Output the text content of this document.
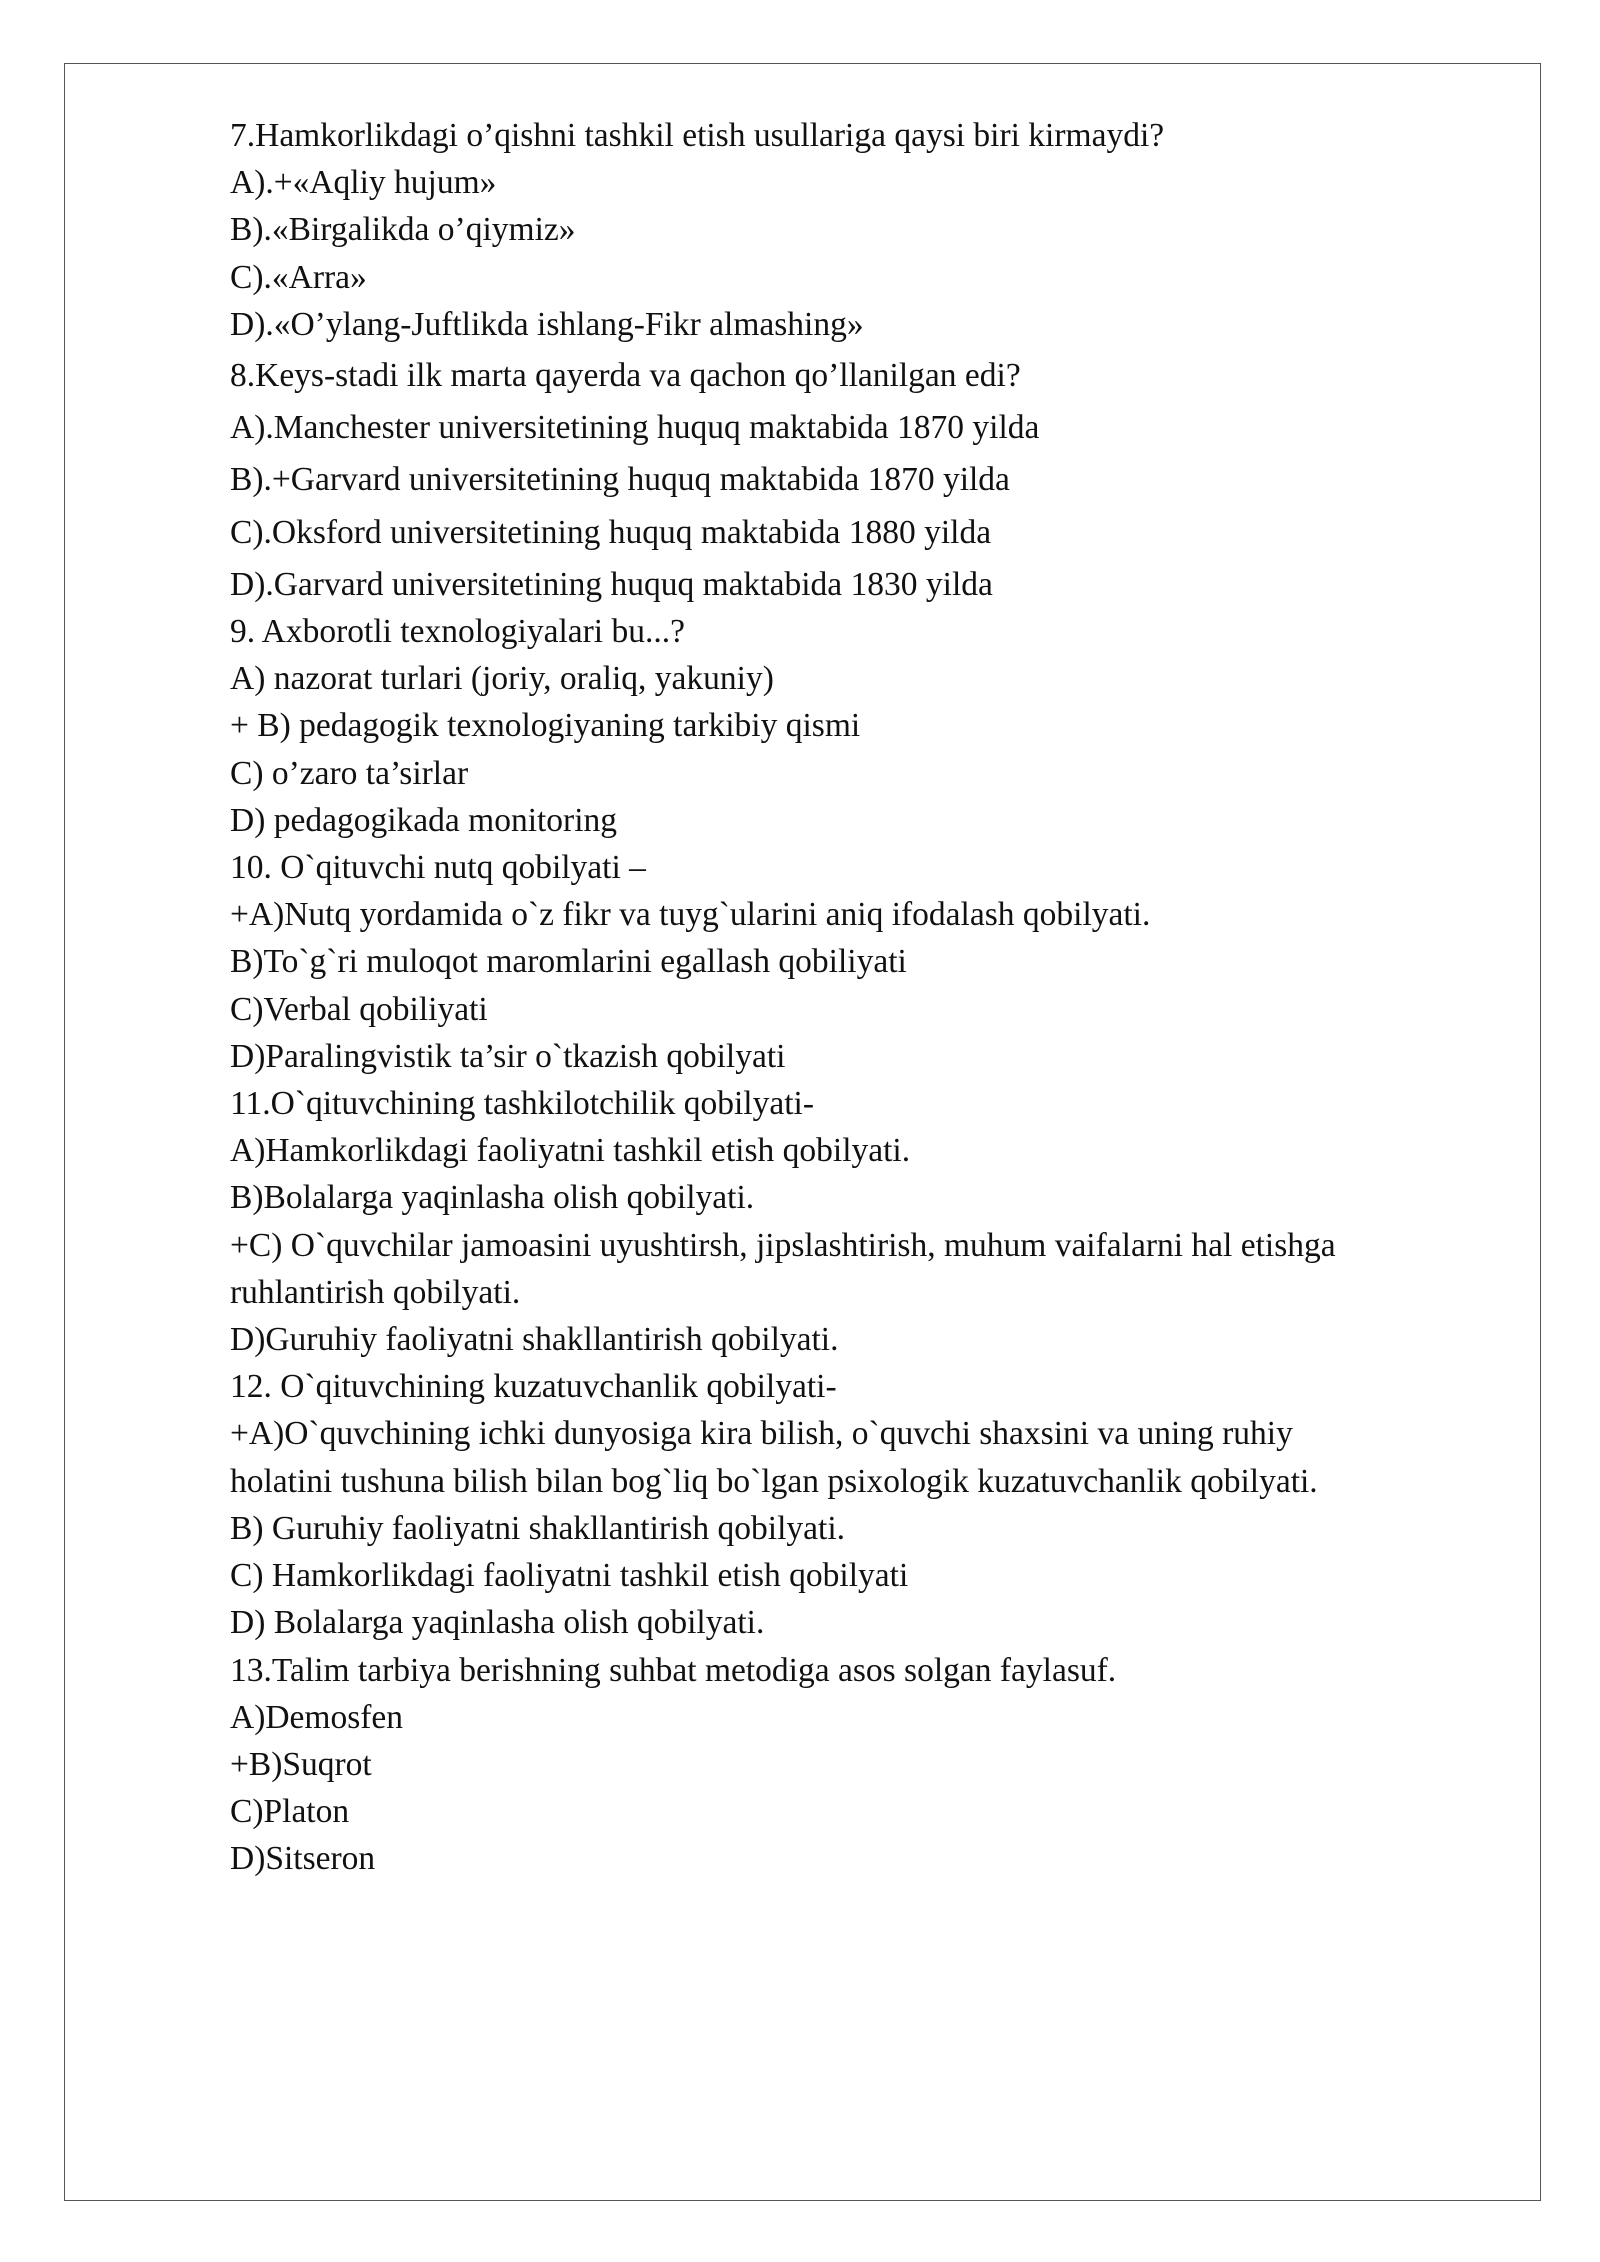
7.Hamkorlikdagi o’qishni tashkil etish usullariga qaysi biri kirmaydi?
A).+«Aqliy hujum»
B).«Birgalikda o’qiymiz»
C).«Arra»
D).«O’ylang-Juftlikda ishlang-Fikr almashing»
8.Keys-stadi ilk marta qayerda va qachon qo’llanilgan edi?
A).Manchester universitetining huquq maktabida 1870 yilda
B).+Garvard universitetining huquq maktabida 1870 yilda
C).Oksford universitetining huquq maktabida 1880 yilda
D).Garvard universitetining huquq maktabida 1830 yilda
9. Axborotli texnologiyalari bu...?
A) nazorat turlari (joriy, oraliq, yakuniy)
+ B) pedagogik texnologiyaning tarkibiy qismi
C) o’zaro ta’sirlar
D) pedagogikada monitoring
10. O`qituvchi nutq qobilyati –
+A)Nutq yordamida o`z fikr va tuyg`ularini aniq ifodalash qobilyati.
B)To`g`ri muloqot maromlarini egallash qobiliyati
C)Verbal qobiliyati
D)Paralingvistik ta’sir o`tkazish qobilyati
11.O`qituvchining tashkilotchilik qobilyati-
A)Hamkorlikdagi faoliyatni tashkil etish qobilyati.
B)Bolalarga yaqinlasha olish qobilyati.
+C) O`quvchilar jamoasini uyushtirsh, jipslashtirish, muhum vaifalarni hal etishga
ruhlantirish qobilyati.
D)Guruhiy faoliyatni shakllantirish qobilyati.
12. O`qituvchining kuzatuvchanlik qobilyati-
+A)O`quvchining ichki dunyosiga kira bilish, o`quvchi shaxsini va uning ruhiy
holatini tushuna bilish bilan bog`liq bo`lgan psixologik kuzatuvchanlik qobilyati.
B) Guruhiy faoliyatni shakllantirish qobilyati.
C) Hamkorlikdagi faoliyatni tashkil etish qobilyati
D) Bolalarga yaqinlasha olish qobilyati.
13.Talim tarbiya berishning suhbat metodiga asos solgan faylasuf.
A)Demosfen
+B)Suqrot
C)Platon
D)Sitseron
